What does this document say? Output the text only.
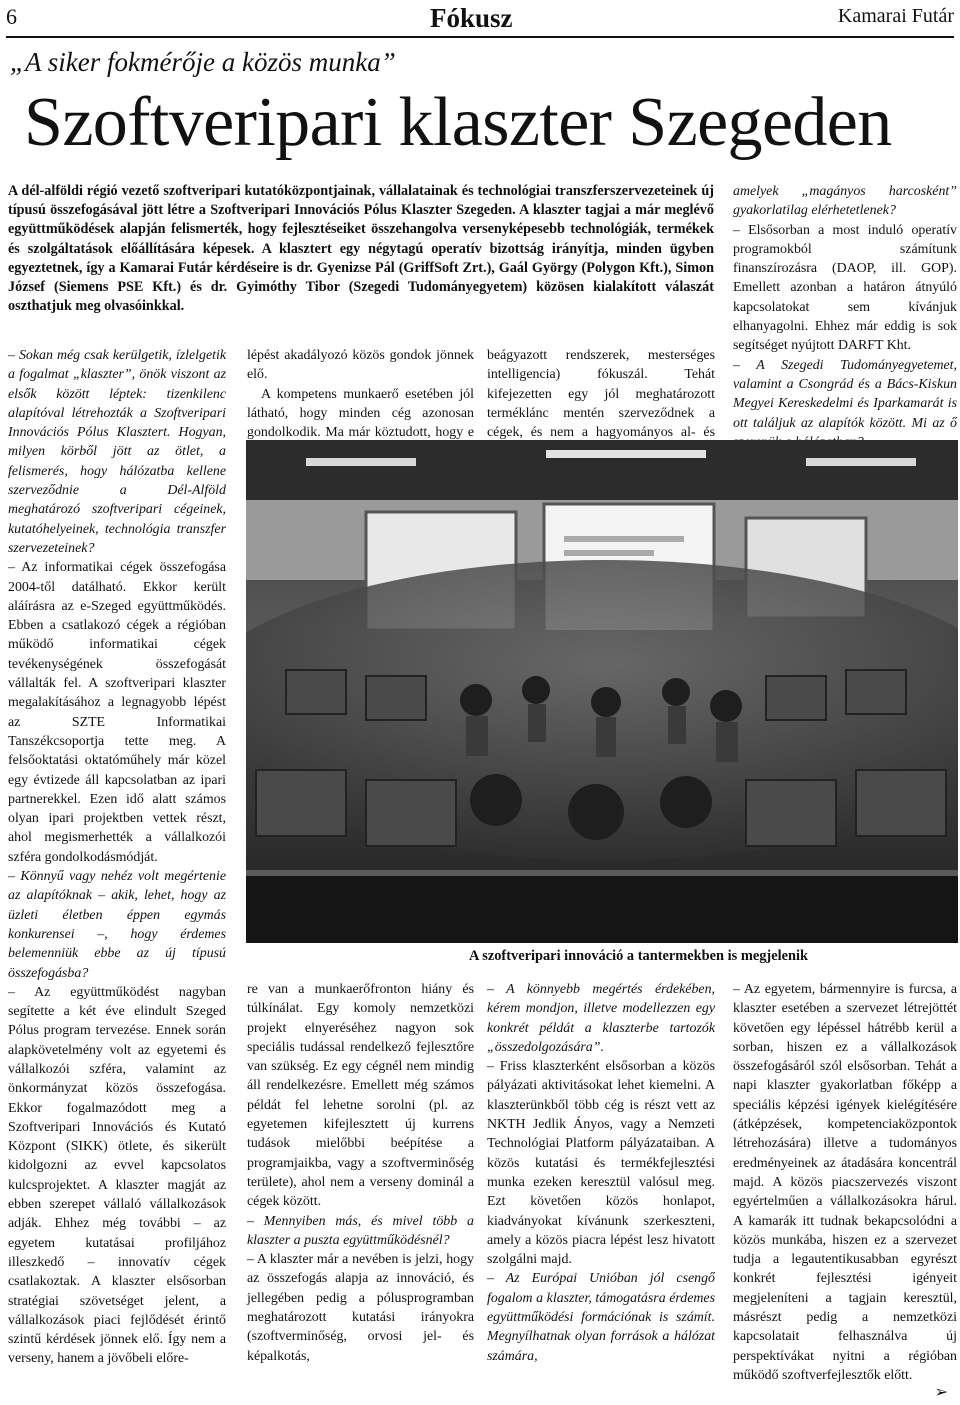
6	Fókusz	Kamarai Futár
„A siker fokmérője a közös munka”
Szoftveripari klaszter Szegeden
A dél-alföldi régió vezető szoftveripari kutatóközpontjainak, vállalatainak és technológiai transzferszervezeteinek új típusú összefogásával jött létre a Szoftveripari Innovációs Pólus Klaszter Szegeden. A klaszter tagjai a már meglévő együttműködések alapján felismerték, hogy fejlesztéseiket összehangolva versenyképesebb technológiák, termékek és szolgáltatások előállítására képesek. A klasztert egy négytagú operatív bizottság irányítja, minden ügyben egyeztetnek, így a Kamarai Futár kérdéseire is dr. Gyenizse Pál (GriffSoft Zrt.), Gaál György (Polygon Kft.), Simon József (Siemens PSE Kft.) és dr. Gyimóthy Tibor (Szegedi Tudományegyetem) közösen kialakított válaszát oszthatjuk meg olvasóinkkal.

– Sokan még csak kerülgetik, ízlelgetik a fogalmat „klaszter”, önök viszont az elsők között léptek: tizenkilenc alapítóval létrehozták a Szoftveripari Innovációs Pólus Klasztert. Hogyan, milyen körből jött az ötlet, a felismerés, hogy hálózatba kellene szerveződnie a Dél-Alföld meghatározó szoftveripari cégeinek, kutatóhelyeinek, technológia transzfer szervezeteinek?

– Az informatikai cégek összefogása 2004-től datálható. Ekkor került aláírásra az e-Szeged együttműködés. Ebben a csatlakozó cégek a régióban működő informatikai cégek tevékenységének összefogását vállalták fel. A szoftveripari klaszter megalakításához a legnagyobb lépést az SZTE Informatikai Tanszékcsoportja tette meg. A felsőoktatási oktatóműhely már közel egy évtizede áll kapcsolatban az ipari partnerekkel. Ezen idő alatt számos olyan ipari projektben vettek részt, ahol megismerhették a vállalkozói szféra gondolkodásmódját.

– Könnyű vagy nehéz volt megértenie az alapítóknak – akik, lehet, hogy az üzleti életben éppen egymás konkurensei –, hogy érdemes belemenniük ebbe az új típusú összefogásba?

– Az együttműködést nagyban segítette a két éve elindult Szeged Pólus program tervezése. Ennek során alapkövetelmény volt az egyetemi és vállalkozói szféra, valamint az önkormányzat közös összefogása. Ekkor fogalmazódott meg a Szoftveripari Innovációs és Kutató Központ (SIKK) ötlete, és sikerült kidolgozni az evvel kapcsolatos kulcsprojektet. A klaszter magját az ebben szerepet vállaló vállalkozások adják. Ehhez még további – az egyetem kutatásai profiljához illeszkedő – innovatív cégek csatlakoztak. A klaszter elsősorban stratégiai szövetséget jelent, a vállalkozások piaci fejlődését érintő szintű kérdések jönnek elő. Így nem a verseny, hanem a jövőbeli előre-

lépést akadályozó közös gondok jönnek elő.

A kompetens munkaerő esetében jól látható, hogy minden cég azonosan gondolkodik. Ma már köztudott, hogy e

beágyazott rendszerek, mesterséges intelligencia) fókuszál. Tehát kifejezetten egy jól meghatározott terméklánc mentén szerveződnek a cégek, és nem a hagyományos al- és

amelyek „magányos harcosként” gyakorlatilag elérhetetlenek?

– Elsősorban a most induló operatív programokból számítunk finanszírozásra (DAOP, ill. GOP). Emellett azonban a határon átnyúló kapcsolatokat sem kívánjuk elhanyagolni. Ehhez már eddig is sok segítséget nyújtott DARFT Kht.

– A Szegedi Tudományegyetemet, valamint a Csongrád és a Bács-Kiskun Megyei Kereskedelmi és Iparkamarát is ott találjuk az alapítók között. Mi az ő

A szoftveripari innováció a tantermekben is megjelenik

re van a munkaerőfronton hiány és túlkínálat. Egy komoly nemzetközi projekt elnyeréséhez nagyon sok speciális tudással rendelkező fejlesztőre van szükség. Ez egy cégnél nem mindig áll rendelkezésre. Emellett még számos példát fel lehetne sorolni (pl. az egyetemen kifejlesztett új kurrens tudások mielőbbi beépítése a programjaikba, vagy a szoftverminőség területe), ahol nem a verseny dominál a cégek között.

– Mennyiben más, és mivel több a klaszter a puszta együttműködésnél?

– A klaszter már a nevében is jelzi, hogy az összefogás alapja az innováció, és jellegében pedig a pólusprogramban meghatározott kutatási irányokra (szoftverminőség, orvosi jel- és képalkotás,

– A könnyebb megértés érdekében, kérem mondjon, illetve modellezzen egy konkrét példát a klaszterbe tartozók „összedolgozására”.

– Friss klaszterként elsősorban a közös pályázati aktivitásokat lehet kiemelni. A klaszterünkből több cég is részt vett az NKTH Jedlik Ányos, vagy a Nemzeti Technológiai Platform pályázataiban. A közös kutatási és termékfejlesztési munka ezeken keresztül valósul meg. Ezt követően közös honlapot, kiadványokat kívánunk szerkeszteni, amely a közös piacra lépést lesz hivatott szolgálni majd.

– Az Európai Unióban jól csengő fogalom a klaszter, támogatásra érdemes együttműködési formációnak is számít. Megnyílhatnak olyan források a hálózat számára,

– Az egyetem, bármennyire is furcsa, a klaszter esetében a szervezet létrejöttét követően egy lépéssel hátrébb kerül a sorban, hiszen ez a vállalkozások összefogásáról szól elsősorban. Tehát a napi klaszter gyakorlatban főképp a speciális képzési igények kielégítésére (átképzések, kompetenciaközpontok létrehozására) illetve a tudományos eredményeinek az átadására koncentrál majd. A közös piacszervezés viszont egyértelműen a vállalkozásokra hárul. A kamarák itt tudnak bekapcsolódni a közös munkába, hiszen ez a szervezet tudja a legautentikusabban egyrészt konkrét fejlesztési igényeit megjeleníteni a tagjain keresztül, másrészt pedig a nemzetközi kapcsolatait felhasználva új perspektívákat nyitni a régióban működő szoftverfejlesztők előtt.

➢
